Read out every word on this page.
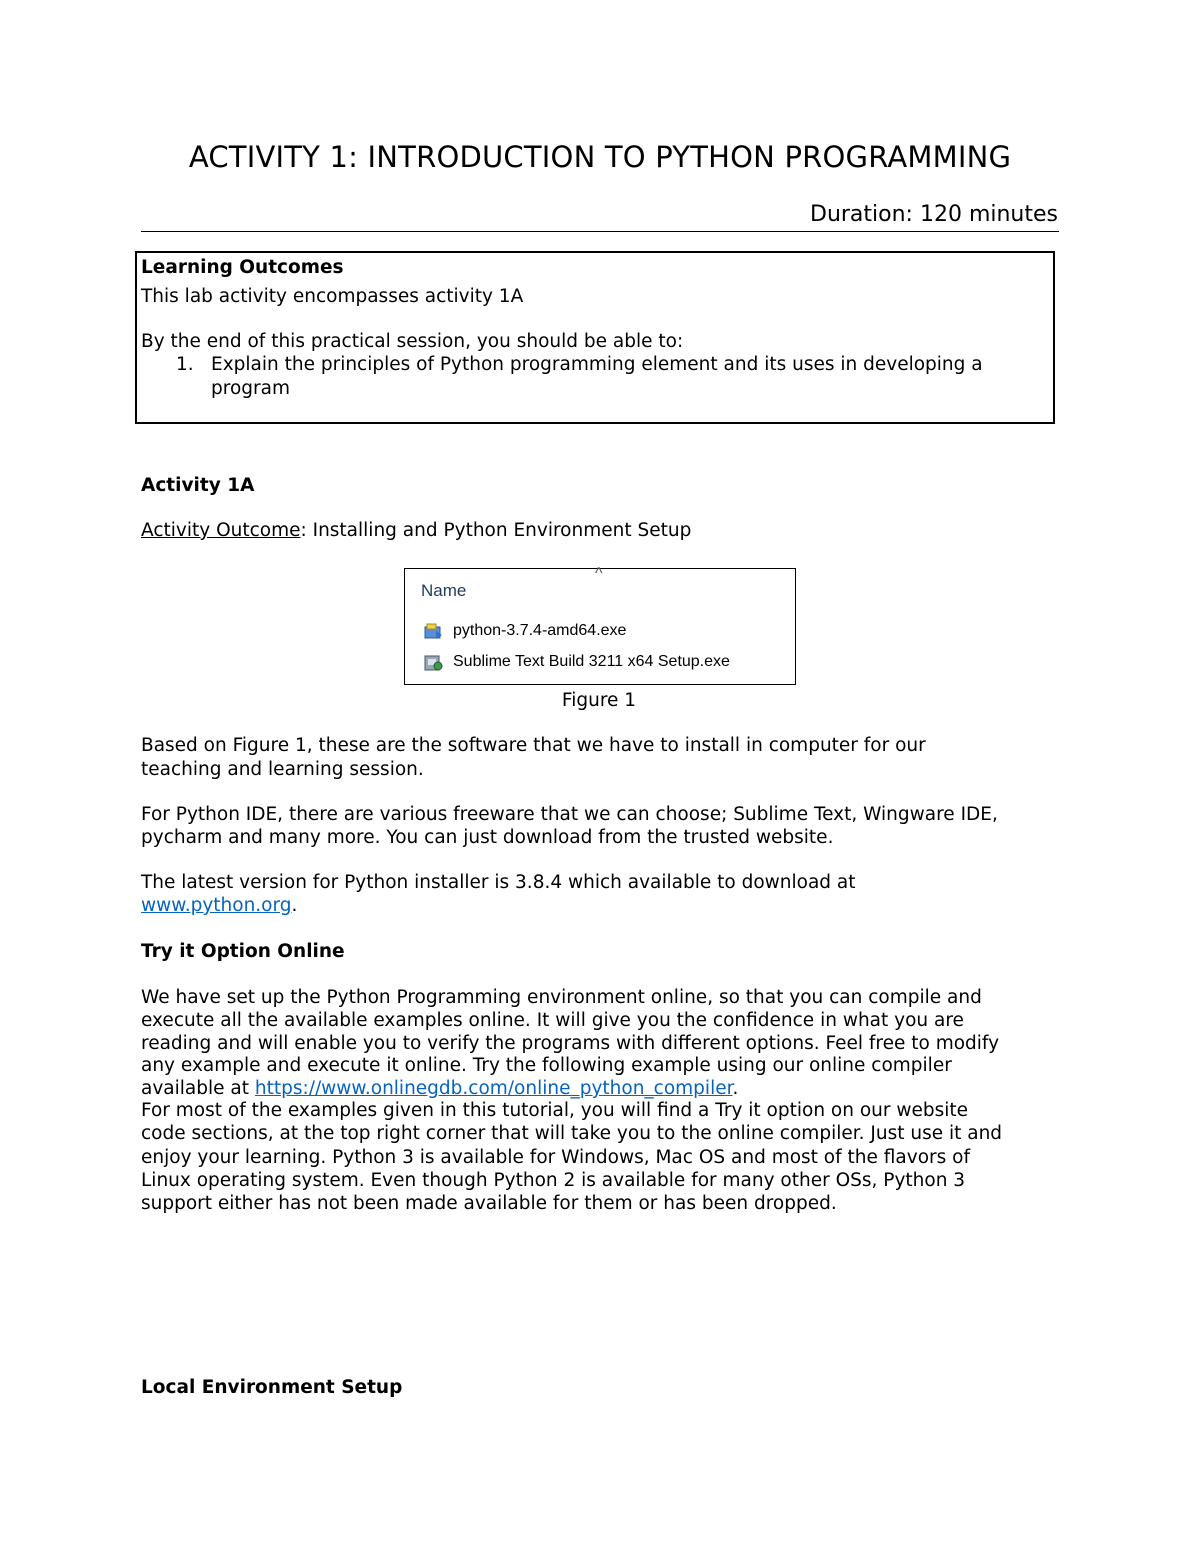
ACTIVITY 1: INTRODUCTION TO PYTHON PROGRAMMING
Duration: 120 minutes
Learning Outcomes
This lab activity encompasses activity 1A
By the end of this practical session, you should be able to:
1. Explain the principles of Python programming element and its uses in developing a
program
Activity 1A
Activity Outcome: Installing and Python Environment Setup
^
Name
python-3.7.4-amd64.exe
Sublime Text Build 3211 x64 Setup.exe
Figure 1
Based on Figure 1, these are the software that we have to install in computer for our
teaching and learning session.
For Python IDE, there are various freeware that we can choose; Sublime Text, Wingware IDE,
pycharm and many more. You can just download from the trusted website.
The latest version for Python installer is 3.8.4 which available to download at
www.python.org.
Try it Option Online
We have set up the Python Programming environment online, so that you can compile and
execute all the available examples online. It will give you the confidence in what you are
reading and will enable you to verify the programs with different options. Feel free to modify
any example and execute it online. Try the following example using our online compiler
available at https://www.onlinegdb.com/online_python_compiler.
For most of the examples given in this tutorial, you will find a Try it option on our website
code sections, at the top right corner that will take you to the online compiler. Just use it and
enjoy your learning. Python 3 is available for Windows, Mac OS and most of the flavors of
Linux operating system. Even though Python 2 is available for many other OSs, Python 3
support either has not been made available for them or has been dropped.
Local Environment Setup
